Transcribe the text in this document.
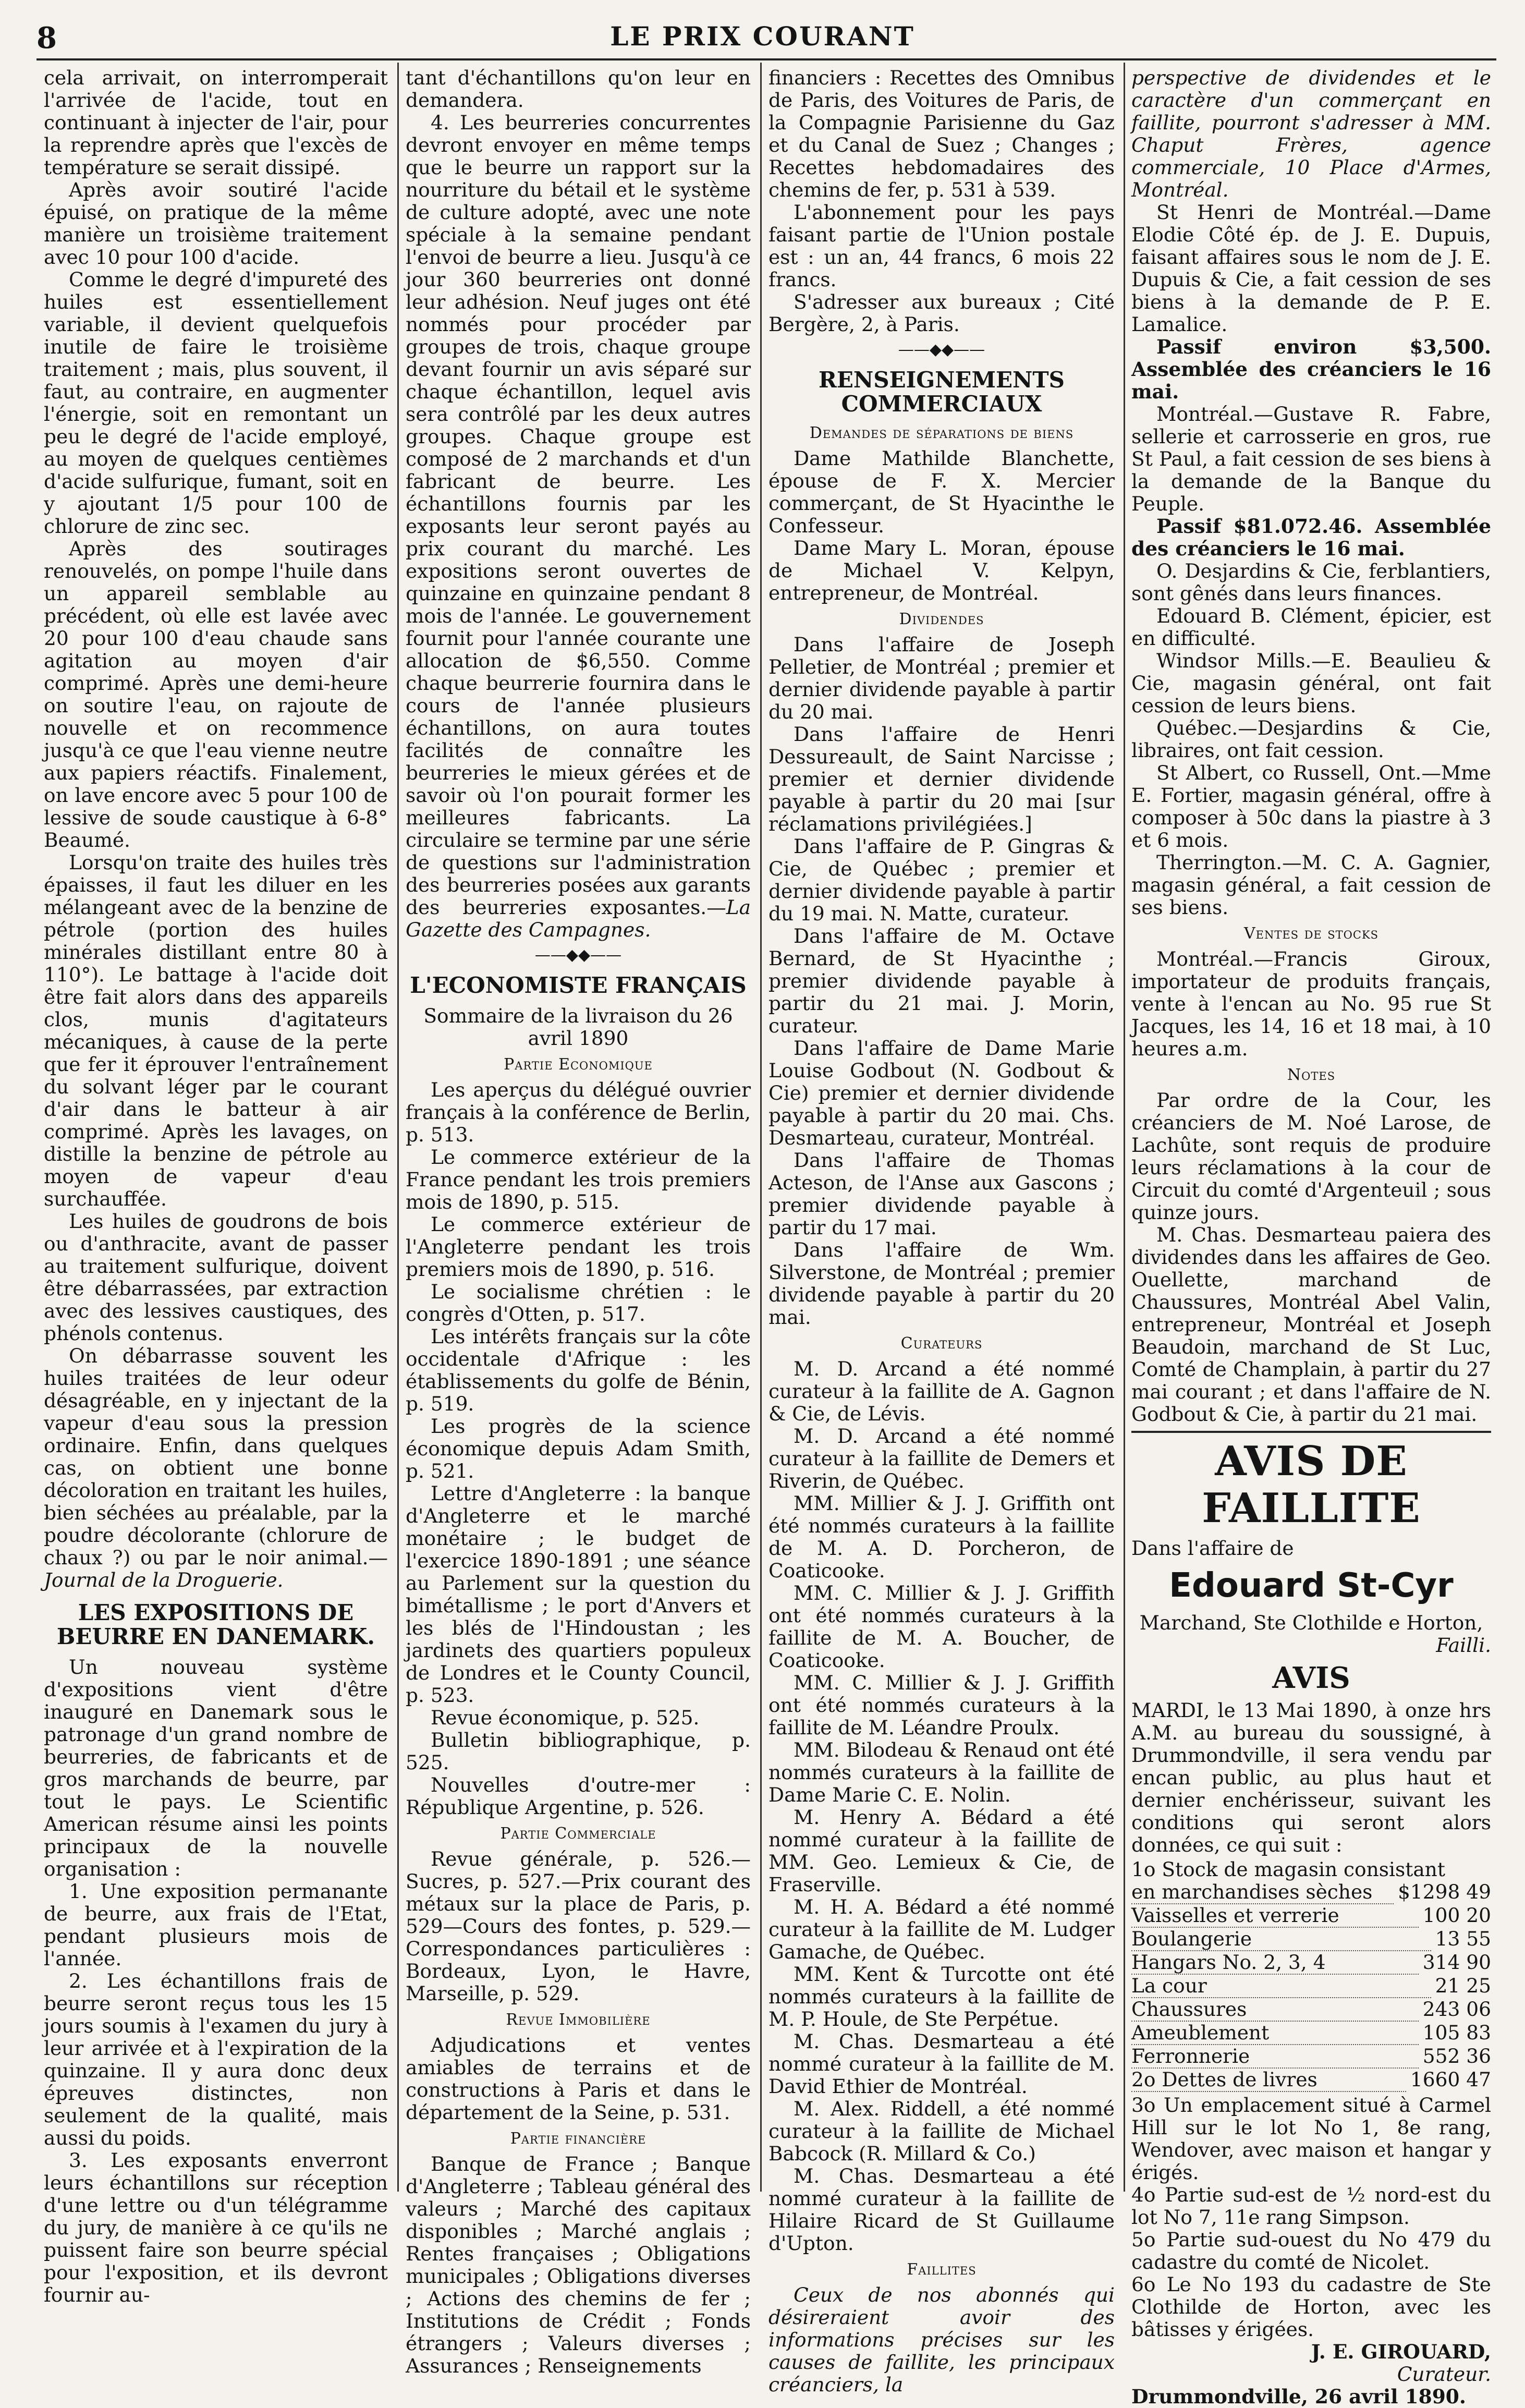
8	LE PRIX COURANT

cela arrivait, on interromperait l'arrivée de l'acide, tout en continuant à injecter de l'air, pour la reprendre après que l'excès de température se serait dissipé.

Après avoir soutiré l'acide épuisé, on pratique de la même manière un troisième traitement avec 10 pour 100 d'acide.

Comme le degré d'impureté des huiles est essentiellement variable, il devient quelquefois inutile de faire le troisième traitement ; mais, plus souvent, il faut, au contraire, en augmenter l'énergie, soit en remontant un peu le degré de l'acide employé, au moyen de quelques centièmes d'acide sulfurique, fumant, soit en y ajoutant 1/5 pour 100 de chlorure de zinc sec.

Après des soutirages renouvelés, on pompe l'huile dans un appareil semblable au précédent, où elle est lavée avec 20 pour 100 d'eau chaude sans agitation au moyen d'air comprimé. Après une demi-heure on soutire l'eau, on rajoute de nouvelle et on recommence jusqu'à ce que l'eau vienne neutre aux papiers réactifs. Finalement, on lave encore avec 5 pour 100 de lessive de soude caustique à 6-8° Beaumé.

Lorsqu'on traite des huiles très épaisses, il faut les diluer en les mélangeant avec de la benzine de pétrole (portion des huiles minérales distillant entre 80 à 110°). Le battage à l'acide doit être fait alors dans des appareils clos, munis d'agitateurs mécaniques, à cause de la perte que fer it éprouver l'entraînement du solvant léger par le courant d'air dans le batteur à air comprimé. Après les lavages, on distille la benzine de pétrole au moyen de vapeur d'eau surchauffée.

Les huiles de goudrons de bois ou d'anthracite, avant de passer au traitement sulfurique, doivent être débarrassées, par extraction avec des lessives caustiques, des phénols contenus.

On débarrasse souvent les huiles traitées de leur odeur désagréable, en y injectant de la vapeur d'eau sous la pression ordinaire. Enfin, dans quelques cas, on obtient une bonne décoloration en traitant les huiles, bien séchées au préalable, par la poudre décolorante (chlorure de chaux ?) ou par le noir animal.—Journal de la Droguerie.

LES EXPOSITIONS DE BEURRE EN DANEMARK.

Un nouveau système d'expositions vient d'être inauguré en Danemark sous le patronage d'un grand nombre de beurreries, de fabricants et de gros marchands de beurre, par tout le pays. Le Scientific American résume ainsi les points principaux de la nouvelle organisation :

1. Une exposition permanante de beurre, aux frais de l'Etat, pendant plusieurs mois de l'année.

2. Les échantillons frais de beurre seront reçus tous les 15 jours soumis à l'examen du jury à leur arrivée et à l'expiration de la quinzaine. Il y aura donc deux épreuves distinctes, non seulement de la qualité, mais aussi du poids.

3. Les exposants enverront leurs échantillons sur réception d'une lettre ou d'un télégramme du jury, de manière à ce qu'ils ne puissent faire son beurre spécial pour l'exposition, et ils devront fournir au-

tant d'échantillons qu'on leur en demandera.

4. Les beurreries concurrentes devront envoyer en même temps que le beurre un rapport sur la nourriture du bétail et le système de culture adopté, avec une note spéciale à la semaine pendant l'envoi de beurre a lieu. Jusqu'à ce jour 360 beurreries ont donné leur adhésion. Neuf juges ont été nommés pour procéder par groupes de trois, chaque groupe devant fournir un avis séparé sur chaque échantillon, lequel avis sera contrôlé par les deux autres groupes. Chaque groupe est composé de 2 marchands et d'un fabricant de beurre. Les échantillons fournis par les exposants leur seront payés au prix courant du marché. Les expositions seront ouvertes de quinzaine en quinzaine pendant 8 mois de l'année. Le gouvernement fournit pour l'année courante une allocation de $6,550. Comme chaque beurrerie fournira dans le cours de l'année plusieurs échantillons, on aura toutes facilités de connaître les beurreries le mieux gérées et de savoir où l'on pourait former les meilleures fabricants. La circulaire se termine par une série de questions sur l'administration des beurreries posées aux garants des beurreries exposantes.—La Gazette des Campagnes.

——◆◆——
L'ECONOMISTE FRANÇAIS
Sommaire de la livraison du 26 avril 1890
Partie Economique

Les aperçus du délégué ouvrier français à la conférence de Berlin, p. 513.

Le commerce extérieur de la France pendant les trois premiers mois de 1890, p. 515.

Le commerce extérieur de l'Angleterre pendant les trois premiers mois de 1890, p. 516.

Le socialisme chrétien : le congrès d'Otten, p. 517.

Les intérêts français sur la côte occidentale d'Afrique : les établissements du golfe de Bénin, p. 519.

Les progrès de la science économique depuis Adam Smith, p. 521.

Lettre d'Angleterre : la banque d'Angleterre et le marché monétaire ; le budget de l'exercice 1890-1891 ; une séance au Parlement sur la question du bimétallisme ; le port d'Anvers et les blés de l'Hindoustan ; les jardinets des quartiers populeux de Londres et le County Council, p. 523.

Revue économique, p. 525.

Bulletin bibliographique, p. 525.

Nouvelles d'outre-mer : République Argentine, p. 526.

Partie Commerciale

Revue générale, p. 526.—Sucres, p. 527.—Prix courant des métaux sur la place de Paris, p. 529—Cours des fontes, p. 529.—Correspondances particulières : Bordeaux, Lyon, le Havre, Marseille, p. 529.

Revue Immobilière

Adjudications et ventes amiables de terrains et de constructions à Paris et dans le département de la Seine, p. 531.

Partie financière

Banque de France ; Banque d'Angleterre ; Tableau général des valeurs ; Marché des capitaux disponibles ; Marché anglais ; Rentes françaises ; Obligations municipales ; Obligations diverses ; Actions des chemins de fer ; Institutions de Crédit ; Fonds étrangers ; Valeurs diverses ; Assurances ; Renseignements

financiers : Recettes des Omnibus de Paris, des Voitures de Paris, de la Compagnie Parisienne du Gaz et du Canal de Suez ; Changes ; Recettes hebdomadaires des chemins de fer, p. 531 à 539.

L'abonnement pour les pays faisant partie de l'Union postale est : un an, 44 francs, 6 mois 22 francs.

S'adresser aux bureaux ; Cité Bergère, 2, à Paris.

——◆◆——
RENSEIGNEMENTS COMMERCIAUX
Demandes de séparations de biens

Dame Mathilde Blanchette, épouse de F. X. Mercier commerçant, de St Hyacinthe le Confesseur.

Dame Mary L. Moran, épouse de Michael V. Kelpyn, entrepreneur, de Montréal.

Dividendes

Dans l'affaire de Joseph Pelletier, de Montréal ; premier et dernier dividende payable à partir du 20 mai.

Dans l'affaire de Henri Dessureault, de Saint Narcisse ; premier et dernier dividende payable à partir du 20 mai [sur réclamations privilégiées.]

Dans l'affaire de P. Gingras & Cie, de Québec ; premier et dernier dividende payable à partir du 19 mai. N. Matte, curateur.

Dans l'affaire de M. Octave Bernard, de St Hyacinthe ; premier dividende payable à partir du 21 mai. J. Morin, curateur.

Dans l'affaire de Dame Marie Louise Godbout (N. Godbout & Cie) premier et dernier dividende payable à partir du 20 mai. Chs. Desmarteau, curateur, Montréal.

Dans l'affaire de Thomas Acteson, de l'Anse aux Gascons ; premier dividende payable à partir du 17 mai.

Dans l'affaire de Wm. Silverstone, de Montréal ; premier dividende payable à partir du 20 mai.

Curateurs

M. D. Arcand a été nommé curateur à la faillite de A. Gagnon & Cie, de Lévis.

M. D. Arcand a été nommé curateur à la faillite de Demers et Riverin, de Québec.

MM. Millier & J. J. Griffith ont été nommés curateurs à la faillite de M. A. D. Porcheron, de Coaticooke.

MM. C. Millier & J. J. Griffith ont été nommés curateurs à la faillite de M. A. Boucher, de Coaticooke.

MM. C. Millier & J. J. Griffith ont été nommés curateurs à la faillite de M. Léandre Proulx.

MM. Bilodeau & Renaud ont été nommés curateurs à la faillite de Dame Marie C. E. Nolin.

M. Henry A. Bédard a été nommé curateur à la faillite de MM. Geo. Lemieux & Cie, de Fraserville.

M. H. A. Bédard a été nommé curateur à la faillite de M. Ludger Gamache, de Québec.

MM. Kent & Turcotte ont été nommés curateurs à la faillite de M. P. Houle, de Ste Perpétue.

M. Chas. Desmarteau a été nommé curateur à la faillite de M. David Ethier de Montréal.

M. Alex. Riddell, a été nommé curateur à la faillite de Michael Babcock (R. Millard & Co.)

M. Chas. Desmarteau a été nommé curateur à la faillite de Hilaire Ricard de St Guillaume d'Upton.

Faillites

Ceux de nos abonnés qui désireraient avoir des informations précises sur les causes de faillite, les principaux créanciers, la

perspective de dividendes et le caractère d'un commerçant en faillite, pourront s'adresser à MM. Chaput Frères, agence commerciale, 10 Place d'Armes, Montréal.

St Henri de Montréal.—Dame Elodie Côté ép. de J. E. Dupuis, faisant affaires sous le nom de J. E. Dupuis & Cie, a fait cession de ses biens à la demande de P. E. Lamalice.

Passif environ $3,500. Assemblée des créanciers le 16 mai.

Montréal.—Gustave R. Fabre, sellerie et carrosserie en gros, rue St Paul, a fait cession de ses biens à la demande de la Banque du Peuple.

Passif $81.072.46. Assemblée des créanciers le 16 mai.

O. Desjardins & Cie, ferblantiers, sont gênés dans leurs finances.

Edouard B. Clément, épicier, est en difficulté.

Windsor Mills.—E. Beaulieu & Cie, magasin général, ont fait cession de leurs biens.

Québec.—Desjardins & Cie, libraires, ont fait cession.

St Albert, co Russell, Ont.—Mme E. Fortier, magasin général, offre à composer à 50c dans la piastre à 3 et 6 mois.

Therrington.—M. C. A. Gagnier, magasin général, a fait cession de ses biens.

Ventes de stocks

Montréal.—Francis Giroux, importateur de produits français, vente à l'encan au No. 95 rue St Jacques, les 14, 16 et 18 mai, à 10 heures a.m.

Notes

Par ordre de la Cour, les créanciers de M. Noé Larose, de Lachûte, sont requis de produire leurs réclamations à la cour de Circuit du comté d'Argenteuil ; sous quinze jours.

M. Chas. Desmarteau paiera des dividendes dans les affaires de Geo. Ouellette, marchand de Chaussures, Montréal Abel Valin, entrepreneur, Montréal et Joseph Beaudoin, marchand de St Luc, Comté de Champlain, à partir du 27 mai courant ; et dans l'affaire de N. Godbout & Cie, à partir du 21 mai.

AVIS DE FAILLITE

Dans l'affaire de

Edouard St-Cyr
Marchand, Ste Clothilde e Horton,
Failli.
AVIS

MARDI, le 13 Mai 1890, à onze hrs A.M. au bureau du soussigné, à Drummondville, il sera vendu par encan public, au plus haut et dernier enchérisseur, suivant les conditions qui seront alors données, ce qui suit :

1o Stock de magasin consistant
en marchandises sèches	$1298 49
Vaisselles et verrerie	100 20
Boulangerie	13 55
Hangars No. 2, 3, 4	314 90
La cour	21 25
Chaussures	243 06
Ameublement	105 83
Ferronnerie	552 36
2o Dettes de livres	1660 47

3o Un emplacement situé à Carmel Hill sur le lot No 1, 8e rang, Wendover, avec maison et hangar y érigés.

4o Partie sud-est de ½ nord-est du lot No 7, 11e rang Simpson.

5o Partie sud-ouest du No 479 du cadastre du comté de Nicolet.

6o Le No 193 du cadastre de Ste Clothilde de Horton, avec les bâtisses y érigées.

J. E. GIROUARD,
Curateur.
Drummondville, 26 avril 1890.
